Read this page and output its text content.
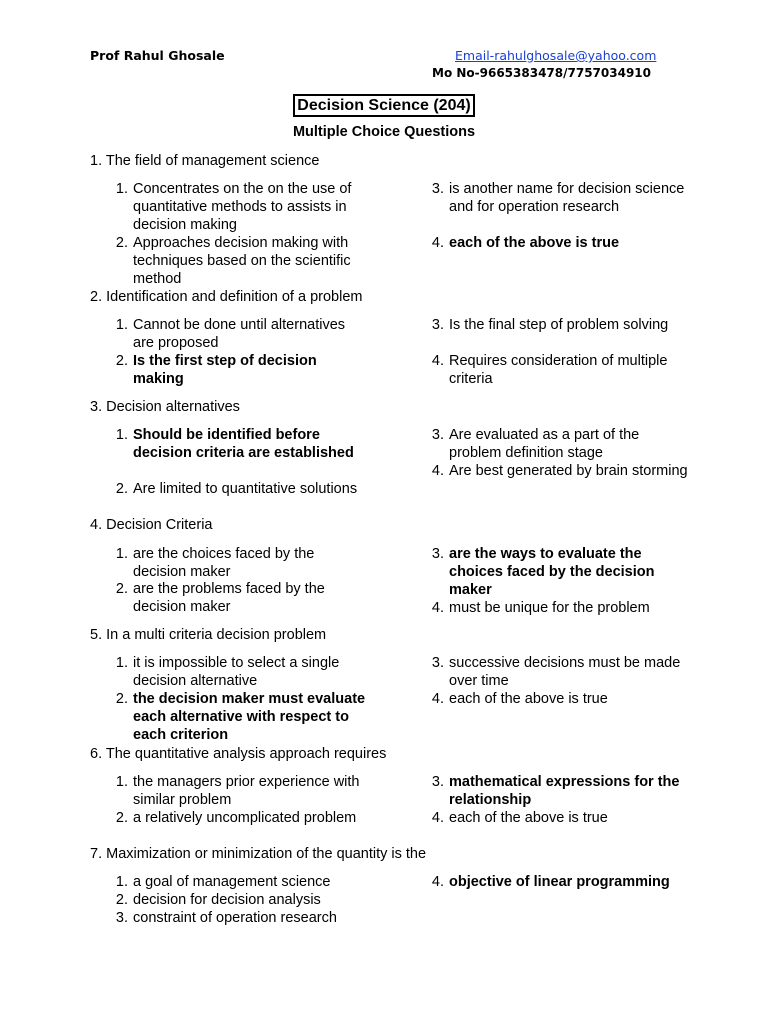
Prof Rahul Ghosale	Email-rahulghosale@yahoo.com
Mo No-9665383478/7757034910
Decision Science (204)
Multiple Choice Questions
1. The field of management science
1. Concentrates on the on the use of quantitative methods to assists in decision making
2. Approaches decision making with techniques based on the scientific method
3. is another name for decision science and for operation research
4. each of the above is true
2. Identification and definition of a problem
1. Cannot be done until alternatives are proposed
2. Is the first step of decision making
3. Is the final step of problem solving
4. Requires consideration of multiple criteria
3. Decision alternatives
1. Should be identified before decision criteria are established
2. Are limited to quantitative solutions
3. Are evaluated as a part of the problem definition stage
4. Are best generated by brain storming
4. Decision Criteria
1. are the choices faced by the decision maker
2. are the problems faced by the decision maker
3. are the ways to evaluate the choices faced by the decision maker
4. must be unique for the problem
5. In a multi criteria decision problem
1. it is impossible to select a single decision alternative
2. the decision maker must evaluate each alternative with respect to each criterion
3. successive decisions must be made over time
4. each of the above is true
6. The quantitative analysis approach requires
1. the managers prior experience with similar problem
2. a relatively uncomplicated problem
3. mathematical expressions for the relationship
4. each of the above is true
7. Maximization or minimization of the quantity is the
1. a goal of management science
2. decision for decision analysis
3. constraint of operation research
4. objective of linear programming
